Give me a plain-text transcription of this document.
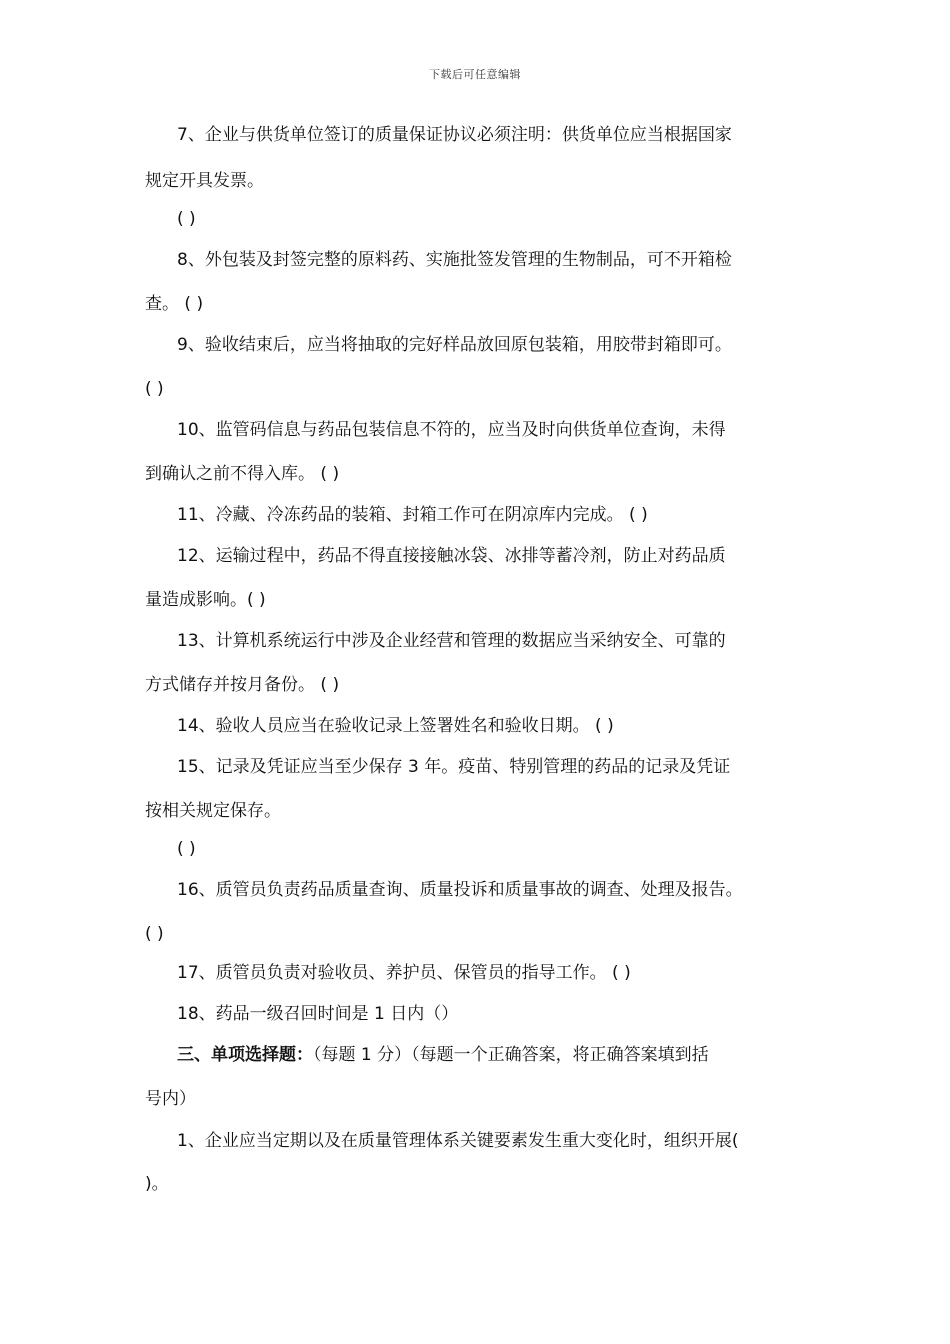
下载后可任意编辑
7、企业与供货单位签订的质量保证协议必须注明：供货单位应当根据国家
规定开具发票。
( )
8、外包装及封签完整的原料药、实施批签发管理的生物制品，可不开箱检
查。 ( )
9、验收结束后，应当将抽取的完好样品放回原包装箱，用胶带封箱即可。
( )
10、监管码信息与药品包装信息不符的，应当及时向供货单位查询，未得
到确认之前不得入库。 ( )
11、冷藏、冷冻药品的装箱、封箱工作可在阴凉库内完成。 ( )
12、运输过程中，药品不得直接接触冰袋、冰排等蓄冷剂，防止对药品质
量造成影响。( )
13、计算机系统运行中涉及企业经营和管理的数据应当采纳安全、可靠的
方式储存并按月备份。 ( )
14、验收人员应当在验收记录上签署姓名和验收日期。 ( )
15、记录及凭证应当至少保存 3 年。疫苗、特别管理的药品的记录及凭证
按相关规定保存。
( )
16、质管员负责药品质量查询、质量投诉和质量事故的调查、处理及报告。
( )
17、质管员负责对验收员、养护员、保管员的指导工作。 ( )
18、药品一级召回时间是 1 日内（）
三、单项选择题：（每题 1 分）（每题一个正确答案，将正确答案填到括
号内）
1、企业应当定期以及在质量管理体系关键要素发生重大变化时，组织开展(
)。
